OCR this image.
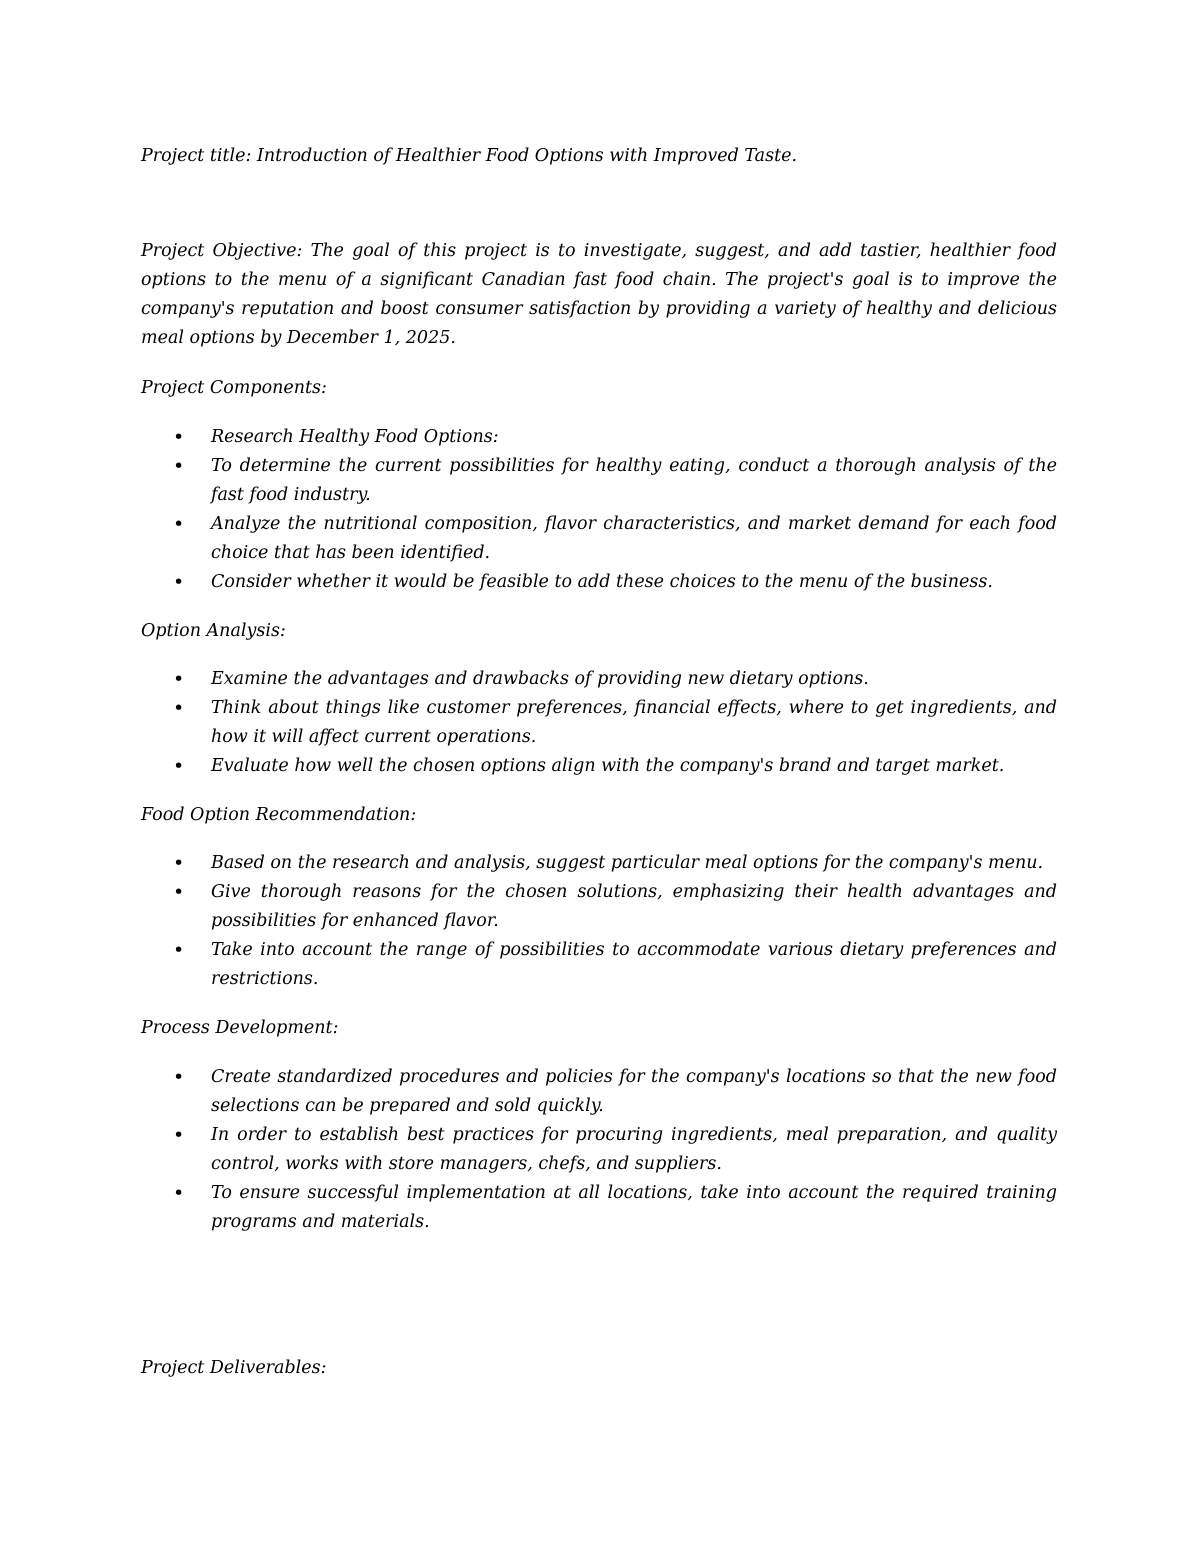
Project title: Introduction of Healthier Food Options with Improved Taste.

Project Objective: The goal of this project is to investigate, suggest, and add tastier, healthier food options to the menu of a significant Canadian fast food chain. The project's goal is to improve the company's reputation and boost consumer satisfaction by providing a variety of healthy and delicious meal options by December 1, 2025.

Project Components:

• Research Healthy Food Options:
• To determine the current possibilities for healthy eating, conduct a thorough analysis of the fast food industry.
• Analyze the nutritional composition, flavor characteristics, and market demand for each food choice that has been identified.
• Consider whether it would be feasible to add these choices to the menu of the business.

Option Analysis:

• Examine the advantages and drawbacks of providing new dietary options.
• Think about things like customer preferences, financial effects, where to get ingredients, and how it will affect current operations.
• Evaluate how well the chosen options align with the company's brand and target market.

Food Option Recommendation:

• Based on the research and analysis, suggest particular meal options for the company's menu.
• Give thorough reasons for the chosen solutions, emphasizing their health advantages and possibilities for enhanced flavor.
• Take into account the range of possibilities to accommodate various dietary preferences and restrictions.

Process Development:

• Create standardized procedures and policies for the company's locations so that the new food selections can be prepared and sold quickly.
• In order to establish best practices for procuring ingredients, meal preparation, and quality control, works with store managers, chefs, and suppliers.
• To ensure successful implementation at all locations, take into account the required training programs and materials.

Project Deliverables:
